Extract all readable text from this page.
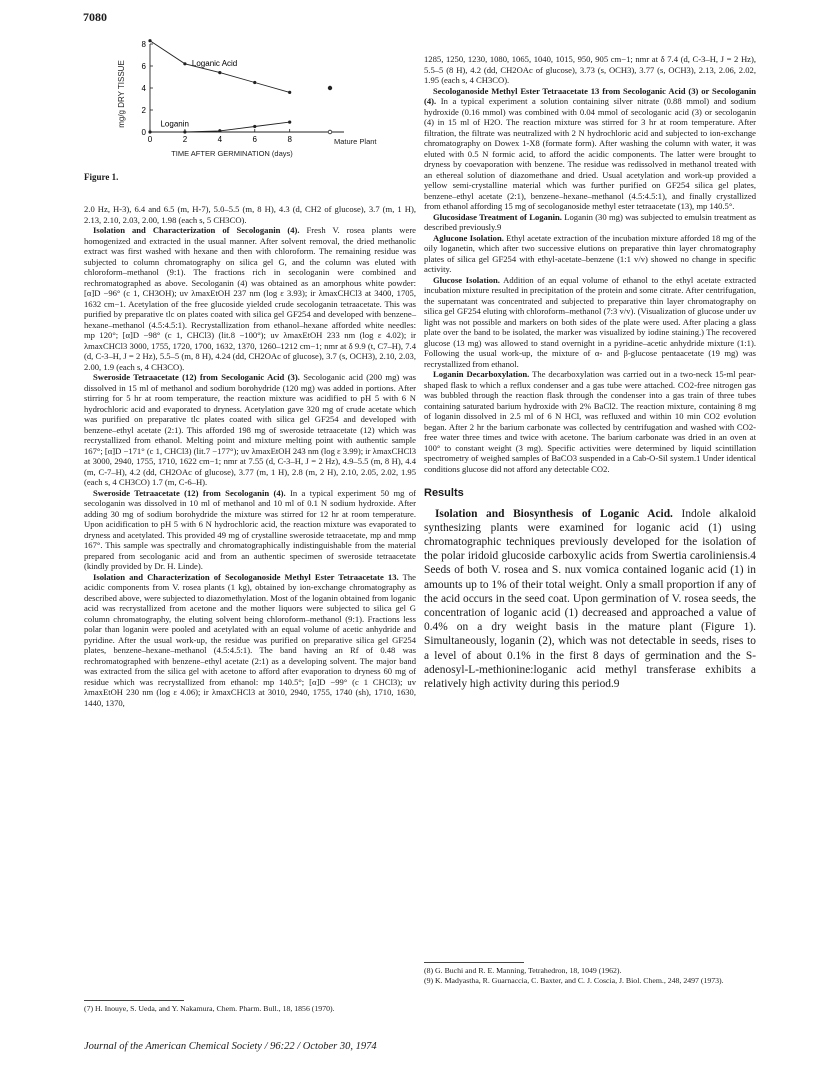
7080
mg/g DRY TISSUE
0
2
4
6
8
0	2	4	6	8
Loganic Acid
Loganin
TIME AFTER GERMINATION (days)
Mature Plant
Figure 1.

2.0 Hz, H-3), 6.4 and 6.5 (m, H-7), 5.0–5.5 (m, 8 H), 4.3 (d, CH2 of glucose), 3.7 (m, 1 H), 2.13, 2.10, 2.03, 2.00, 1.98 (each s, 5 CH3CO).

Isolation and Characterization of Secologanin (4). Fresh V. rosea plants were homogenized and extracted in the usual manner. After solvent removal, the dried methanolic extract was first washed with hexane and then with chloroform. The remaining residue was subjected to column chromatography on silica gel G, and the column was eluted with chloroform–methanol (9:1). The fractions rich in secologanin were combined and rechromatographed as above. Secologanin (4) was obtained as an amorphous white powder: [α]D −96° (c 1, CH3OH); uv λmaxEtOH 237 nm (log ε 3.93); ir λmaxCHCl3 at 3400, 1705, 1632 cm−1. Acetylation of the free glucoside yielded crude secologanin tetraacetate. This was purified by preparative tlc on plates coated with silica gel GF254 and developed with benzene–hexane–methanol (4.5:4.5:1). Recrystallization from ethanol–hexane afforded white needles: mp 120°; [α]D −98° (c 1, CHCl3) (lit.8 −100°); uv λmaxEtOH 233 nm (log ε 4.02); ir λmaxCHCl3 3000, 1755, 1720, 1700, 1632, 1370, 1260–1212 cm−1; nmr at δ 9.9 (t, C7–H), 7.4 (d, C-3–H, J = 2 Hz), 5.5–5 (m, 8 H), 4.24 (dd, CH2OAc of glucose), 3.7 (s, OCH3), 2.10, 2.03, 2.00, 1.9 (each s, 4 CH3CO).

Sweroside Tetraacetate (12) from Secologanic Acid (3). Secologanic acid (200 mg) was dissolved in 15 ml of methanol and sodium borohydride (120 mg) was added in portions. After stirring for 5 hr at room temperature, the reaction mixture was acidified to pH 5 with 6 N hydrochloric acid and evaporated to dryness. Acetylation gave 320 mg of crude acetate which was purified on preparative tlc plates coated with silica gel GF254 and developed with benzene–ethyl acetate (2:1). This afforded 198 mg of sweroside tetraacetate (12) which was recrystallized from ethanol. Melting point and mixture melting point with authentic sample 167°; [α]D −171° (c 1, CHCl3) (lit.7 −177°); uv λmaxEtOH 243 nm (log ε 3.99); ir λmaxCHCl3 at 3000, 2940, 1755, 1710, 1622 cm−1; nmr at 7.55 (d, C-3–H, J = 2 Hz), 4.9–5.5 (m, 8 H), 4.4 (m, C-7–H), 4.2 (dd, CH2OAc of glucose), 3.77 (m, 1 H), 2.8 (m, 2 H), 2.10, 2.05, 2.02, 1.95 (each s, 4 CH3CO) 1.7 (m, C-6–H).

Sweroside Tetraacetate (12) from Secologanin (4). In a typical experiment 50 mg of secologanin was dissolved in 10 ml of methanol and 10 ml of 0.1 N sodium hydroxide. After adding 30 mg of sodium borohydride the mixture was stirred for 12 hr at room temperature. Upon acidification to pH 5 with 6 N hydrochloric acid, the reaction mixture was evaporated to dryness and acetylated. This provided 49 mg of crystalline sweroside tetraacetate, mp and mmp 167°. This sample was spectrally and chromatographically indistinguishable from the material prepared from secologanic acid and from an authentic specimen of sweroside tetraacetate (kindly provided by Dr. H. Linde).

Isolation and Characterization of Secologanoside Methyl Ester Tetraacetate 13. The acidic components from V. rosea plants (1 kg), obtained by ion-exchange chromatography as described above, were subjected to diazomethylation. Most of the loganin obtained from loganic acid was recrystallized from acetone and the mother liquors were subjected to silica gel G column chromatography, the eluting solvent being chloroform–methanol (9:1). Fractions less polar than loganin were pooled and acetylated with an equal volume of acetic anhydride and pyridine. After the usual work-up, the residue was purified on preparative silica gel GF254 plates, benzene–hexane–methanol (4.5:4.5:1). The band having an Rf of 0.48 was rechromatographed with benzene–ethyl acetate (2:1) as a developing solvent. The major band was extracted from the silica gel with acetone to afford after evaporation to dryness 60 mg of residue which was recrystallized from ethanol: mp 140.5°; [α]D −99° (c 1 CHCl3); uv λmaxEtOH 230 nm (log ε 4.06); ir λmaxCHCl3 at 3010, 2940, 1755, 1740 (sh), 1710, 1630, 1440, 1370,

1285, 1250, 1230, 1080, 1065, 1040, 1015, 950, 905 cm−1; nmr at δ 7.4 (d, C-3–H, J = 2 Hz), 5.5–5 (8 H), 4.2 (dd, CH2OAc of glucose), 3.73 (s, OCH3), 3.77 (s, OCH3), 2.13, 2.06, 2.02, 1.95 (each s, 4 CH3CO).

Secologanoside Methyl Ester Tetraacetate 13 from Secologanic Acid (3) or Secologanin (4). In a typical experiment a solution containing silver nitrate (0.88 mmol) and sodium hydroxide (0.16 mmol) was combined with 0.04 mmol of secologanic acid (3) or secologanin (4) in 15 ml of H2O. The reaction mixture was stirred for 3 hr at room temperature. After filtration, the filtrate was neutralized with 2 N hydrochloric acid and subjected to ion-exchange chromatography on Dowex 1-X8 (formate form). After washing the column with water, it was eluted with 0.5 N formic acid, to afford the acidic components. The latter were brought to dryness by coevaporation with benzene. The residue was redissolved in methanol treated with an ethereal solution of diazomethane and dried. Usual acetylation and work-up provided a yellow semi-crystalline material which was further purified on GF254 silica gel plates, benzene–ethyl acetate (2:1), benzene–hexane–methanol (4.5:4.5:1), and finally crystallized from ethanol affording 15 mg of secologanoside methyl ester tetraacetate (13), mp 140.5°.

Glucosidase Treatment of Loganin. Loganin (30 mg) was subjected to emulsin treatment as described previously.9

Aglucone Isolation. Ethyl acetate extraction of the incubation mixture afforded 18 mg of the oily loganetin, which after two successive elutions on preparative thin layer chromatography plates of silica gel GF254 with ethyl-acetate–benzene (1:1 v/v) showed no change in specific activity.

Glucose Isolation. Addition of an equal volume of ethanol to the ethyl acetate extracted incubation mixture resulted in precipitation of the protein and some citrate. After centrifugation, the supernatant was concentrated and subjected to preparative thin layer chromatography on silica gel GF254 eluting with chloroform–methanol (7:3 v/v). (Visualization of glucose under uv light was not possible and markers on both sides of the plate were used. After placing a glass plate over the band to be isolated, the marker was visualized by iodine staining.) The recovered glucose (13 mg) was allowed to stand overnight in a pyridine–acetic anhydride mixture (1:1). Following the usual work-up, the mixture of α- and β-glucose pentaacetate (19 mg) was recrystallized from ethanol.

Loganin Decarboxylation. The decarboxylation was carried out in a two-neck 15-ml pear-shaped flask to which a reflux condenser and a gas tube were attached. CO2-free nitrogen gas was bubbled through the reaction flask through the condenser into a gas train of three tubes containing saturated barium hydroxide with 2% BaCl2. The reaction mixture, containing 8 mg of loganin dissolved in 2.5 ml of 6 N HCl, was refluxed and within 10 min CO2 evolution began. After 2 hr the barium carbonate was collected by centrifugation and washed with CO2-free water three times and twice with acetone. The barium carbonate was dried in an oven at 100° to constant weight (3 mg). Specific activities were determined by liquid scintillation spectrometry of weighed samples of BaCO3 suspended in a Cab-O-Sil system.1 Under identical conditions glucose did not afford any detectable CO2.

Results

Isolation and Biosynthesis of Loganic Acid. Indole alkaloid synthesizing plants were examined for loganic acid (1) using chromatographic techniques previously developed for the isolation of the polar iridoid glucoside carboxylic acids from Swertia caroliniensis.4 Seeds of both V. rosea and S. nux vomica contained loganic acid (1) in amounts up to 1% of their total weight. Only a small proportion if any of the acid occurs in the seed coat. Upon germination of V. rosea seeds, the concentration of loganic acid (1) decreased and approached a value of 0.4% on a dry weight basis in the mature plant (Figure 1). Simultaneously, loganin (2), which was not detectable in seeds, rises to a level of about 0.1% in the first 8 days of germination and the S-adenosyl-L-methionine:loganic acid methyl transferase exhibits a relatively high activity during this period.9

(7) H. Inouye, S. Ueda, and Y. Nakamura, Chem. Pharm. Bull., 18, 1856 (1970).
(8) G. Buchi and R. E. Manning, Tetrahedron, 18, 1049 (1962).
(9) K. Madyastha, R. Guarnaccia, C. Baxter, and C. J. Coscia, J. Biol. Chem., 248, 2497 (1973).
Journal of the American Chemical Society / 96:22 / October 30, 1974
